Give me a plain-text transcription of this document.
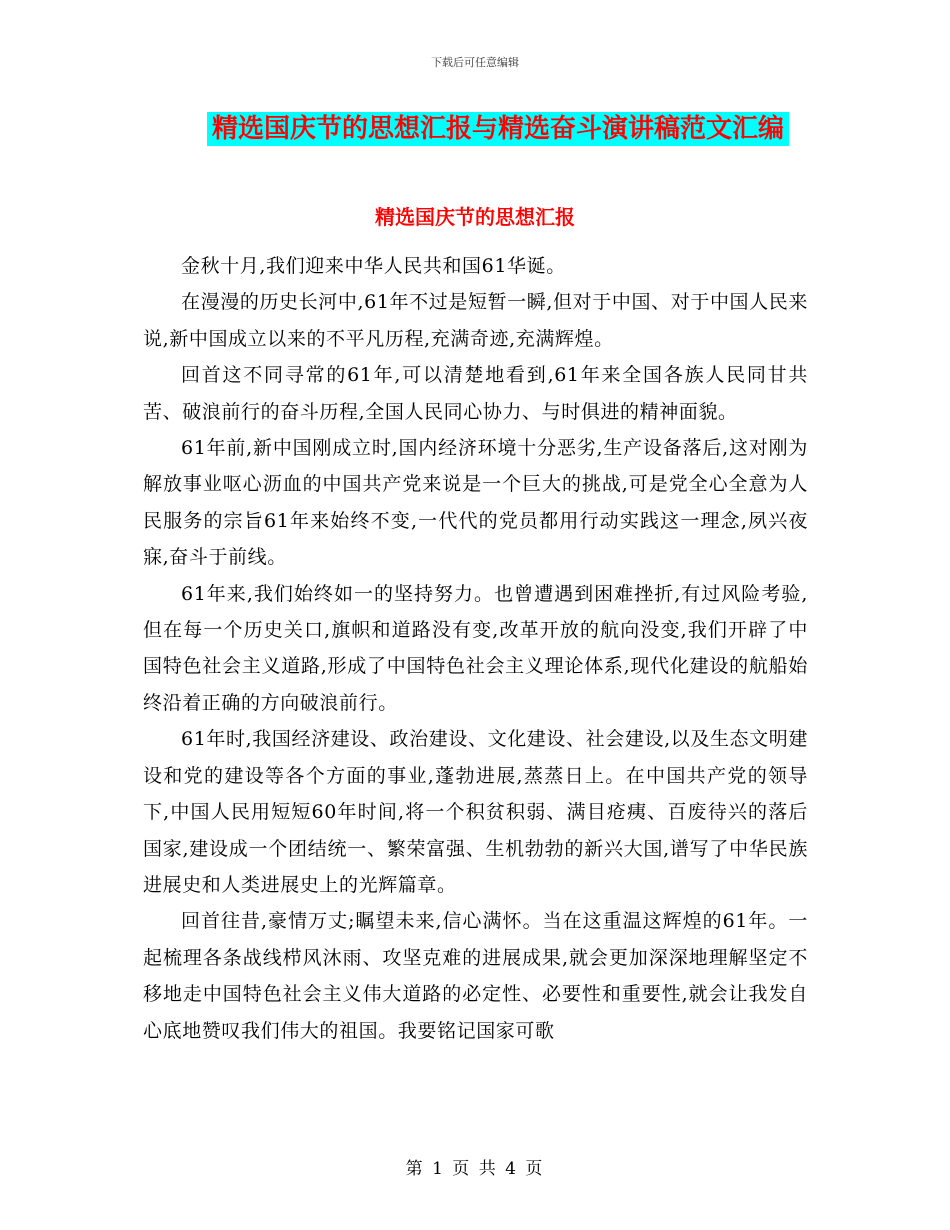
下载后可任意编辑
精选国庆节的思想汇报与精选奋斗演讲稿范文汇编
精选国庆节的思想汇报

金秋十月,我们迎来中华人民共和国61华诞。

在漫漫的历史长河中,61年不过是短暂一瞬,但对于中国、对于中国人民来说,新中国成立以来的不平凡历程,充满奇迹,充满辉煌。

回首这不同寻常的61年,可以清楚地看到,61年来全国各族人民同甘共苦、破浪前行的奋斗历程,全国人民同心协力、与时俱进的精神面貌。

61年前,新中国刚成立时,国内经济环境十分恶劣,生产设备落后,这对刚为解放事业呕心沥血的中国共产党来说是一个巨大的挑战,可是党全心全意为人民服务的宗旨61年来始终不变,一代代的党员都用行动实践这一理念,夙兴夜寐,奋斗于前线。

61年来,我们始终如一的坚持努力。也曾遭遇到困难挫折,有过风险考验,但在每一个历史关口,旗帜和道路没有变,改革开放的航向没变,我们开辟了中国特色社会主义道路,形成了中国特色社会主义理论体系,现代化建设的航船始终沿着正确的方向破浪前行。

61年时,我国经济建设、政治建设、文化建设、社会建设,以及生态文明建设和党的建设等各个方面的事业,蓬勃进展,蒸蒸日上。在中国共产党的领导下,中国人民用短短60年时间,将一个积贫积弱、满目疮痍、百废待兴的落后国家,建设成一个团结统一、繁荣富强、生机勃勃的新兴大国,谱写了中华民族进展史和人类进展史上的光辉篇章。

回首往昔,豪情万丈;瞩望未来,信心满怀。当在这重温这辉煌的61年。一起梳理各条战线栉风沐雨、攻坚克难的进展成果,就会更加深深地理解坚定不移地走中国特色社会主义伟大道路的必定性、必要性和重要性,就会让我发自心底地赞叹我们伟大的祖国。我要铭记国家可歌

第 1 页 共 4 页
